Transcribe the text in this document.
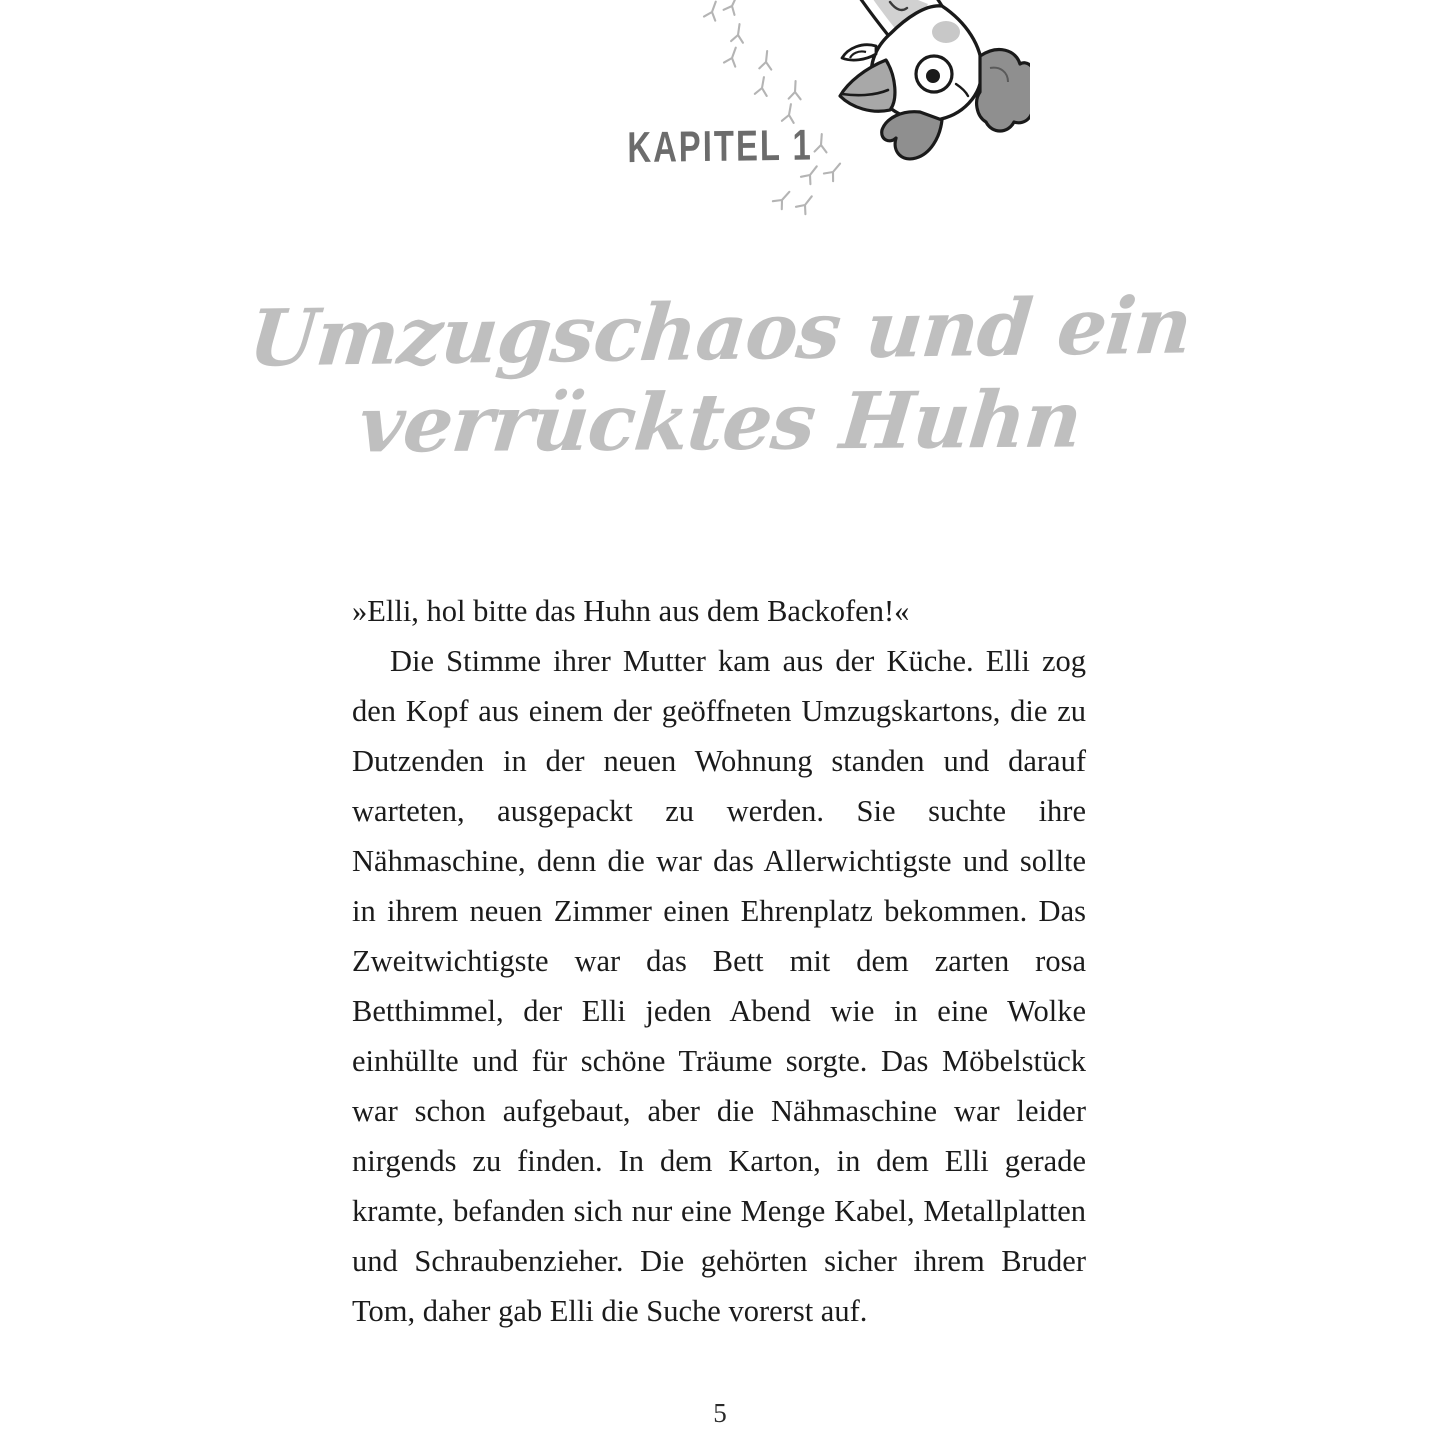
KAPITEL 1
Umzugschaos und ein
verrücktes Huhn

»Elli, hol bitte das Huhn aus dem Backofen!«

Die Stimme ihrer Mutter kam aus der Küche. Elli zog den Kopf aus einem der geöffneten Umzugskartons, die zu Dutzenden in der neuen Wohnung standen und darauf warteten, ausgepackt zu werden. Sie suchte ihre Nähmaschine, denn die war das Allerwichtigste und sollte in ihrem neuen Zimmer einen Ehrenplatz bekommen. Das Zweitwichtigste war das Bett mit dem zarten rosa Betthimmel, der Elli jeden Abend wie in eine Wolke einhüllte und für schöne Träume sorgte. Das Möbelstück war schon aufgebaut, aber die Nähmaschine war leider nirgends zu finden. In dem Karton, in dem Elli gerade kramte, befanden sich nur eine Menge Kabel, Metallplatten und Schraubenzieher. Die gehörten sicher ihrem Bruder Tom, daher gab Elli die Suche vorerst auf.

5
